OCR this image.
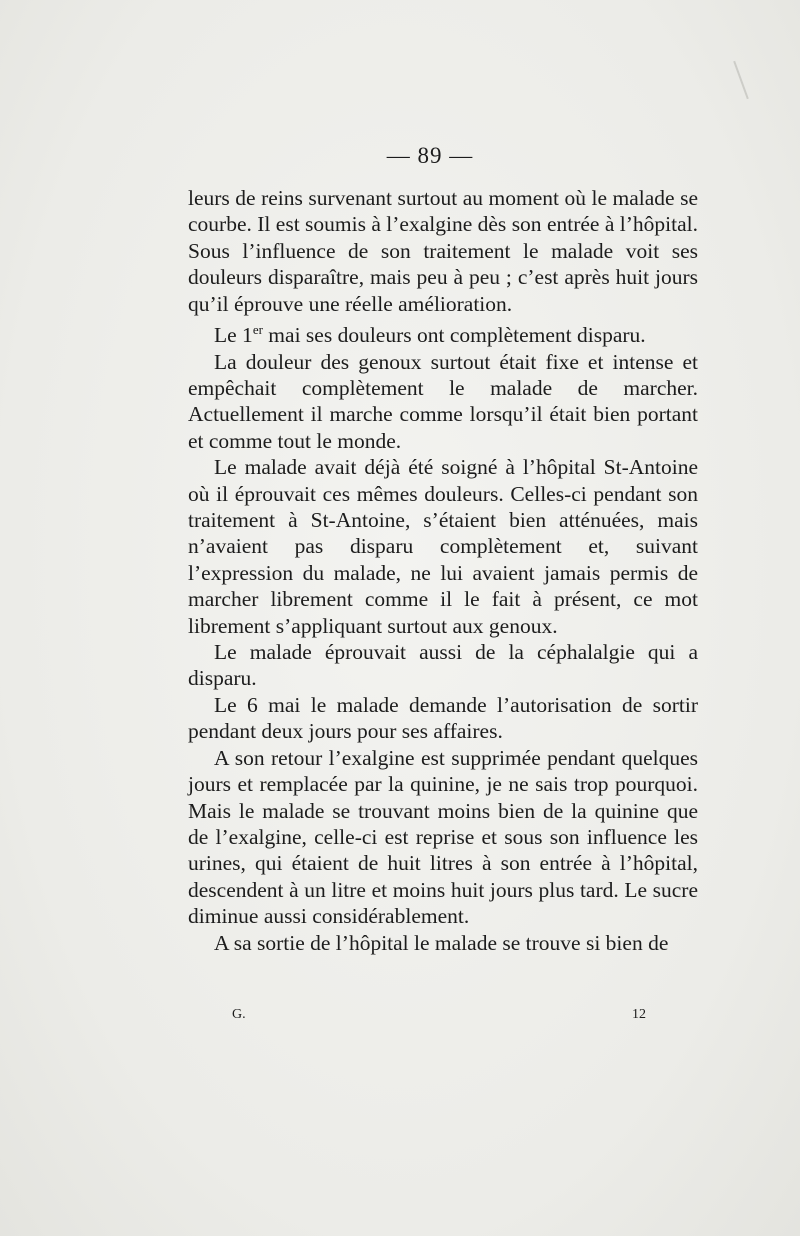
— 89 —

leurs de reins survenant surtout au moment où le malade se courbe. Il est soumis à l’exalgine dès son entrée à l’hôpital. Sous l’influence de son traitement le malade voit ses douleurs disparaître, mais peu à peu ; c’est après huit jours qu’il éprouve une réelle amélioration.

Le 1er mai ses douleurs ont complètement disparu.

La douleur des genoux surtout était fixe et intense et empêchait complètement le malade de marcher. Actuellement il marche comme lorsqu’il était bien portant et comme tout le monde.

Le malade avait déjà été soigné à l’hôpital St-Antoine où il éprouvait ces mêmes douleurs. Celles-ci pendant son traitement à St-Antoine, s’étaient bien atténuées, mais n’avaient pas disparu complètement et, suivant l’expression du malade, ne lui avaient jamais permis de marcher librement comme il le fait à présent, ce mot librement s’appliquant surtout aux genoux.

Le malade éprouvait aussi de la céphalalgie qui a disparu.

Le 6 mai le malade demande l’autorisation de sortir pendant deux jours pour ses affaires.

A son retour l’exalgine est supprimée pendant quelques jours et remplacée par la quinine, je ne sais trop pourquoi. Mais le malade se trouvant moins bien de la quinine que de l’exalgine, celle-ci est reprise et sous son influence les urines, qui étaient de huit litres à son entrée à l’hôpital, descendent à un litre et moins huit jours plus tard. Le sucre diminue aussi considérablement.

A sa sortie de l’hôpital le malade se trouve si bien de

G.	12
